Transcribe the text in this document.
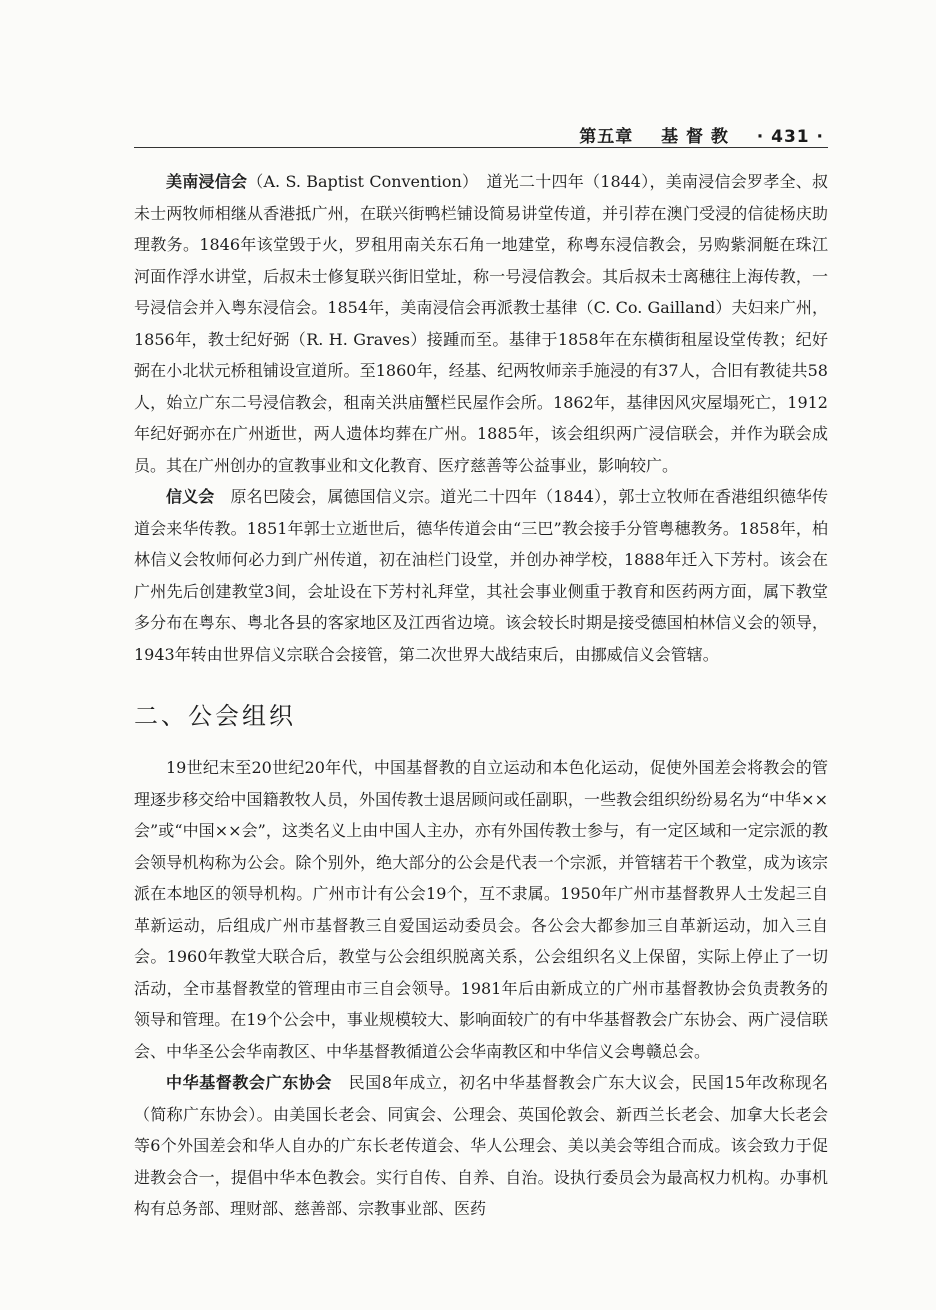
第五章 基 督 教 · 431 ·

美南浸信会（A. S. Baptist Convention）　 道光二十四年（1844），美南浸信会罗孝全、叔未士两牧师相继从香港抵广州，在联兴街鸭栏铺设简易讲堂传道，并引荐在澳门受浸的信徒杨庆助理教务。1846年该堂毁于火，罗租用南关东石角一地建堂，称粤东浸信教会，另购紫洞艇在珠江河面作浮水讲堂，后叔未士修复联兴街旧堂址，称一号浸信教会。其后叔未士离穗往上海传教，一号浸信会并入粤东浸信会。1854年，美南浸信会再派教士基律（C. Co. Gailland）夫妇来广州，1856年，教士纪好弼（R. H. Graves）接踵而至。基律于1858年在东横街租屋设堂传教；纪好弼在小北状元桥租铺设宣道所。至1860年，经基、纪两牧师亲手施浸的有37人，合旧有教徒共58人，始立广东二号浸信教会，租南关洪庙蟹栏民屋作会所。1862年，基律因风灾屋塌死亡，1912年纪好弼亦在广州逝世，两人遗体均葬在广州。1885年，该会组织两广浸信联会，并作为联会成员。其在广州创办的宣教事业和文化教育、医疗慈善等公益事业，影响较广。

信义会　 原名巴陵会，属德国信义宗。道光二十四年（1844），郭士立牧师在香港组织德华传道会来华传教。1851年郭士立逝世后，德华传道会由“三巴”教会接手分管粤穗教务。1858年，柏林信义会牧师何必力到广州传道，初在油栏门设堂，并创办神学校，1888年迁入下芳村。该会在广州先后创建教堂3间，会址设在下芳村礼拜堂，其社会事业侧重于教育和医药两方面，属下教堂多分布在粤东、粤北各县的客家地区及江西省边境。该会较长时期是接受德国柏林信义会的领导，1943年转由世界信义宗联合会接管，第二次世界大战结束后，由挪威信义会管辖。

二、公会组织

19世纪末至20世纪20年代，中国基督教的自立运动和本色化运动，促使外国差会将教会的管理逐步移交给中国籍教牧人员，外国传教士退居顾问或任副职，一些教会组织纷纷易名为“中华××会”或“中国××会”，这类名义上由中国人主办，亦有外国传教士参与，有一定区域和一定宗派的教会领导机构称为公会。除个别外，绝大部分的公会是代表一个宗派，并管辖若干个教堂，成为该宗派在本地区的领导机构。广州市计有公会19个，互不隶属。1950年广州市基督教界人士发起三自革新运动，后组成广州市基督教三自爱国运动委员会。各公会大都参加三自革新运动，加入三自会。1960年教堂大联合后，教堂与公会组织脱离关系，公会组织名义上保留，实际上停止了一切活动，全市基督教堂的管理由市三自会领导。1981年后由新成立的广州市基督教协会负责教务的领导和管理。在19个公会中，事业规模较大、影响面较广的有中华基督教会广东协会、两广浸信联会、中华圣公会华南教区、中华基督教循道公会华南教区和中华信义会粤赣总会。

中华基督教会广东协会　 民国8年成立，初名中华基督教会广东大议会，民国15年改称现名（简称广东协会）。由美国长老会、同寅会、公理会、英国伦敦会、新西兰长老会、加拿大长老会等6个外国差会和华人自办的广东长老传道会、华人公理会、美以美会等组合而成。该会致力于促进教会合一，提倡中华本色教会。实行自传、自养、自治。设执行委员会为最高权力机构。办事机构有总务部、理财部、慈善部、宗教事业部、医药
